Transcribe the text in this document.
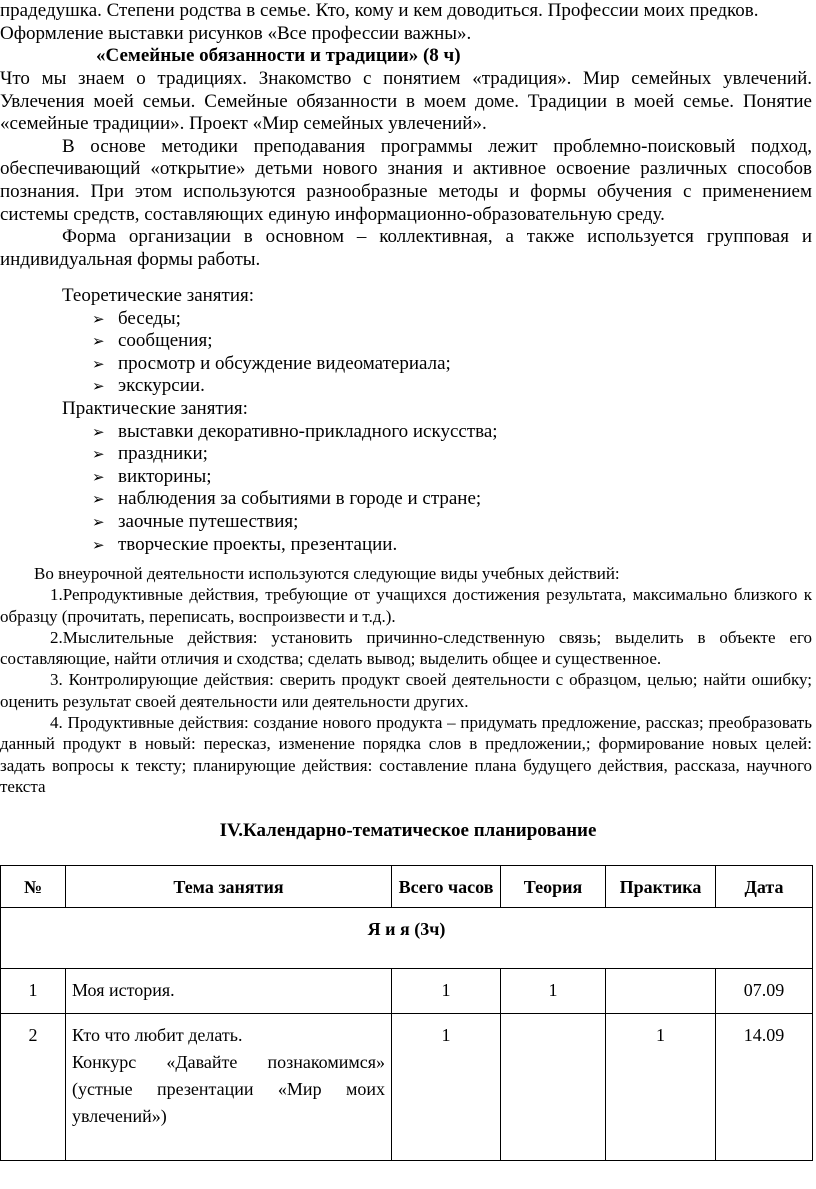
прадедушка. Степени родства в семье. Кто, кому и кем доводиться. Профессии моих предков. Оформление выставки рисунков «Все профессии важны».

«Семейные обязанности и традиции» (8 ч)

Что мы знаем о традициях. Знакомство с понятием «традиция». Мир семейных увлечений. Увлечения моей семьи. Семейные обязанности в моем доме. Традиции в моей семье. Понятие «семейные традиции». Проект «Мир семейных увлечений».

В основе методики преподавания программы лежит проблемно-поисковый подход, обеспечивающий «открытие» детьми нового знания и активное освоение различных способов познания. При этом используются разнообразные методы и формы обучения с применением системы средств, составляющих единую информационно-образовательную среду.

Форма организации в основном – коллективная, а также используется групповая и индивидуальная формы работы.

Теоретические занятия:
➢ беседы;
➢ сообщения;
➢ просмотр и обсуждение видеоматериала;
➢ экскурсии.
Практические занятия:
➢ выставки декоративно-прикладного искусства;
➢ праздники;
➢ викторины;
➢ наблюдения за событиями в городе и стране;
➢ заочные путешествия;
➢ творческие проекты, презентации.

Во внеурочной деятельности используются следующие виды учебных действий:

1.Репродуктивные действия, требующие от учащихся достижения результата, максимально близкого к образцу (прочитать, переписать, воспроизвести и т.д.).

2.Мыслительные действия: установить причинно-следственную связь; выделить в объекте его составляющие, найти отличия и сходства; сделать вывод; выделить общее и существенное.

3. Контролирующие действия: сверить продукт своей деятельности с образцом, целью; найти ошибку; оценить результат своей деятельности или деятельности других.

4. Продуктивные действия: создание нового продукта – придумать предложение, рассказ; преобразовать данный продукт в новый: пересказ, изменение порядка слов в предложении,; формирование новых целей: задать вопросы к тексту; планирующие действия: составление плана будущего действия, рассказа, научного текста

IV.Календарно-тематическое планирование
№	Тема занятия	Всего часов	Теория	Практика	Дата
Я и я (3ч)					
1	Моя история.	1	1		07.09
2	Кто что любит делать.
Конкурс «Давайте познакомимся» (устные презентации «Мир моих увлечений»)	1		1	14.09
